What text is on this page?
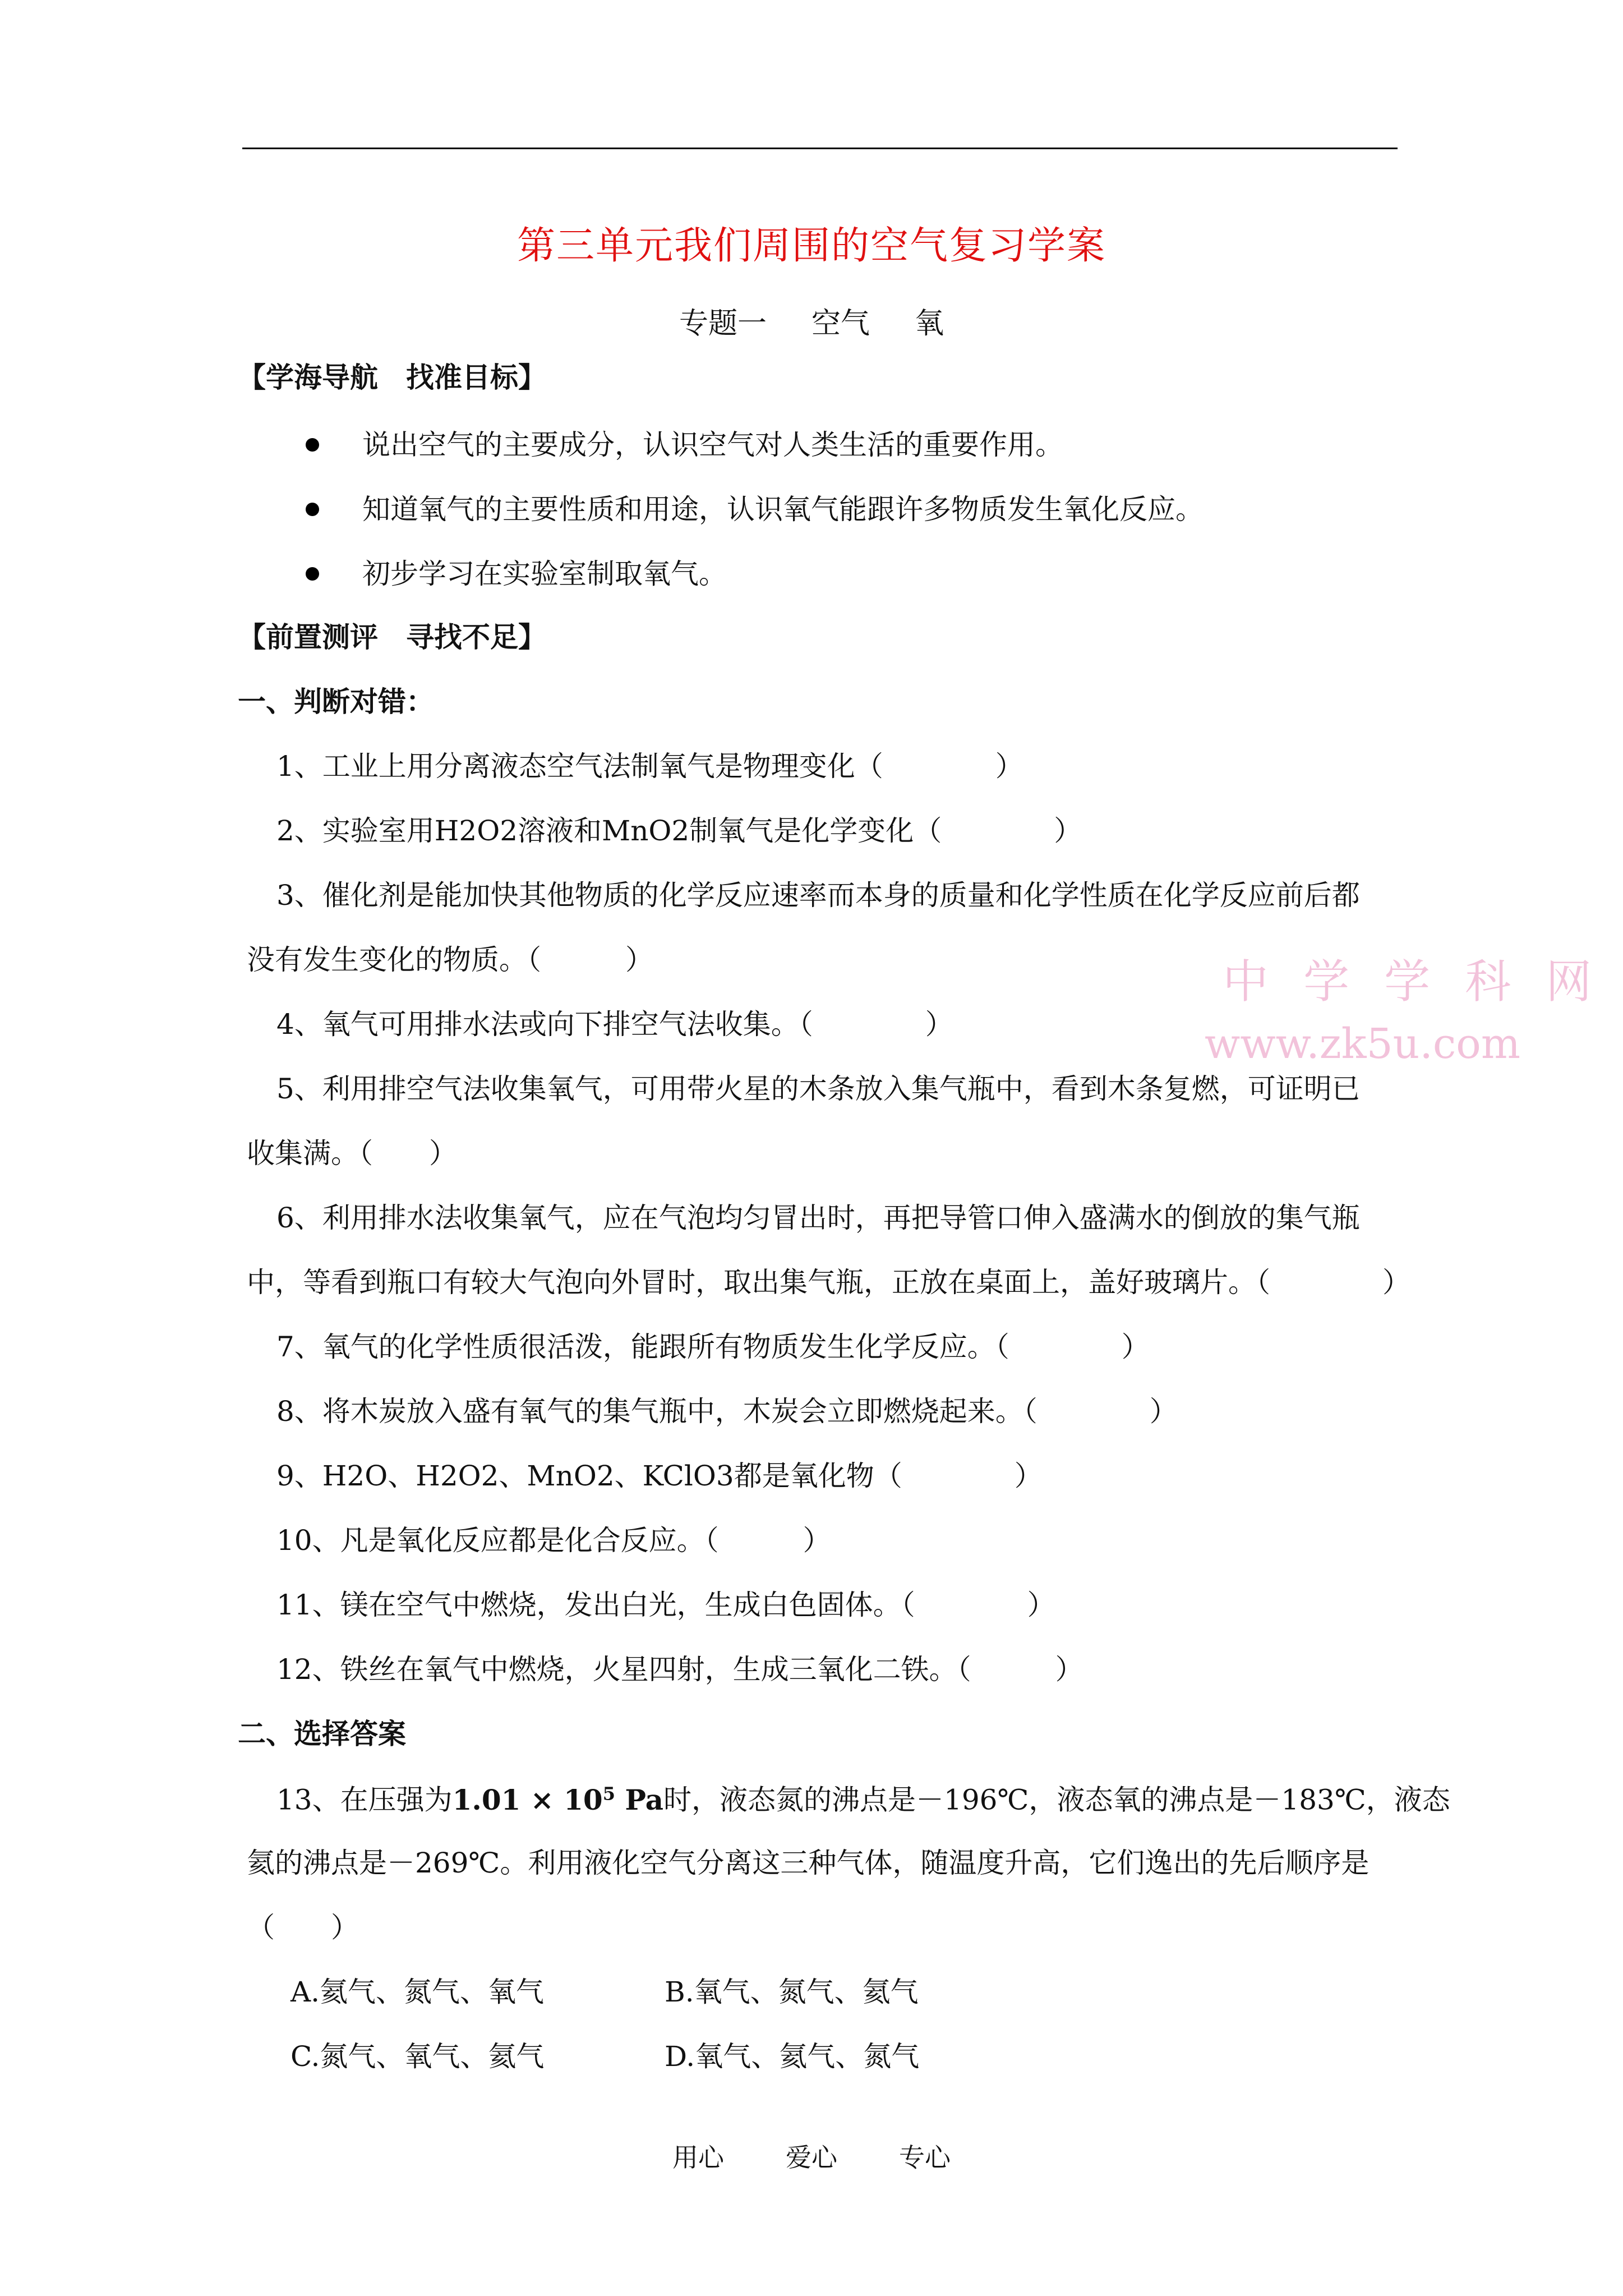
第三单元我们周围的空气复习学案
专题一 空气 氧
【学海导航　找准目标】
说出空气的主要成分，认识空气对人类生活的重要作用。
知道氧气的主要性质和用途，认识氧气能跟许多物质发生氧化反应。
初步学习在实验室制取氧气。
【前置测评　寻找不足】
一、判断对错：
1、工业上用分离液态空气法制氧气是物理变化（　　　　）
2、实验室用H2O2溶液和MnO2制氧气是化学变化（　　　　）
3、催化剂是能加快其他物质的化学反应速率而本身的质量和化学性质在化学反应前后都
没有发生变化的物质。（　　　）
4、氧气可用排水法或向下排空气法收集。（　　　　）
5、利用排空气法收集氧气，可用带火星的木条放入集气瓶中，看到木条复燃，可证明已
收集满。（　　）
6、利用排水法收集氧气，应在气泡均匀冒出时，再把导管口伸入盛满水的倒放的集气瓶
中，等看到瓶口有较大气泡向外冒时，取出集气瓶，正放在桌面上，盖好玻璃片。（　　　　）
7、氧气的化学性质很活泼，能跟所有物质发生化学反应。（　　　　）
8、将木炭放入盛有氧气的集气瓶中，木炭会立即燃烧起来。（　　　　）
9、H2O、H2O2、MnO2、KClO3都是氧化物（　　　　）
10、凡是氧化反应都是化合反应。（　　　）
11、镁在空气中燃烧，发出白光，生成白色固体。（　　　　）
12、铁丝在氧气中燃烧，火星四射，生成三氧化二铁。（　　　）
二、选择答案
13、在压强为$1.01 \times 10^5$ Pa时，液态氮的沸点是－196℃，液态氧的沸点是－183℃，液态
氦的沸点是－269℃。利用液化空气分离这三种气体，随温度升高，它们逸出的先后顺序是
（　　）
A.氦气、氮气、氧气	B.氧气、氮气、氦气
C.氮气、氧气、氦气	D.氧气、氦气、氮气
中 学 学 科 网
www.zk5u.com
用心 爱心 专心
